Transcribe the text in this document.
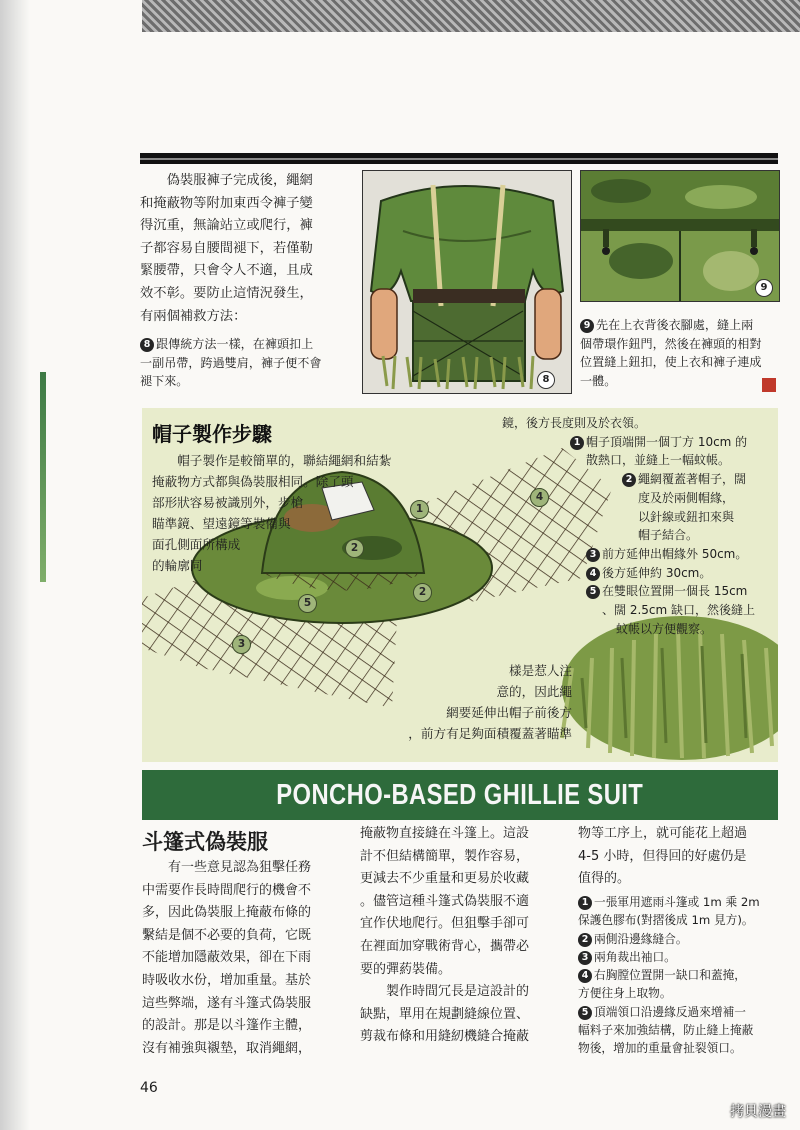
偽裝服褲子完成後，繩網

和掩蔽物等附加東西令褲子變

得沉重，無論站立或爬行，褲

子都容易自腰間褪下，若僅勒

緊腰帶，只會令人不適，且成

效不彰。要防止這情況發生，

有兩個補救方法：

8 跟傳統方法一樣，在褲頭扣上

一副吊帶，跨過雙肩，褲子便不會

褪下來。	8
9

9 先在上衣背後衣腳處，縫上兩

個帶環作鈕門，然後在褲頭的相對

位置縫上鈕扣，使上衣和褲子連成

一體。

帽子製作步驟

帽子製作是較簡單的，聯結繩網和結紮

掩蔽物方式都與偽裝服相同。除了頭

部形狀容易被識別外，步槍

瞄準鏡、望遠鏡等裝備與

面孔側面所構成

的輪廓同

樣是惹人注

意的，因此繩

網要延伸出帽子前後方

，前方有足夠面積覆蓋著瞄準

鏡，後方長度則及於衣領。

1 帽子頂端開一個丁方 10cm 的

散熱口，並縫上一幅蚊帳。

2 繩網覆蓋著帽子，闊

度及於兩側帽緣，

以針線或鈕扣來與

帽子結合。

3 前方延伸出帽緣外 50cm。

4 後方延伸約 30cm。

5 在雙眼位置開一個長 15cm

、闊 2.5cm 缺口，然後縫上

蚊帳以方便觀察。

1
2
2
3
4
5
PONCHO-BASED GHILLIE SUIT
斗篷式偽裝服

有一些意見認為狙擊任務

中需要作長時間爬行的機會不

多，因此偽裝服上掩蔽布條的

繫結是個不必要的負荷，它既

不能增加隱蔽效果，卻在下雨

時吸收水份，增加重量。基於

這些弊端，遂有斗篷式偽裝服

的設計。那是以斗篷作主體，

沒有補強與襯墊，取消繩網，

掩蔽物直接縫在斗篷上。這設

計不但結構簡單，製作容易，

更減去不少重量和更易於收藏

。儘管這種斗篷式偽裝服不適

宜作伏地爬行。但狙擊手卻可

在裡面加穿戰術背心，攜帶必

要的彈葯裝備。

製作時間冗長是這設計的

缺點，單用在規劃縫線位置、

剪裁布條和用縫紉機縫合掩蔽

物等工序上，就可能花上超過

4-5 小時，但得回的好處仍是

值得的。

1 一張軍用遮雨斗篷或 1m 乘 2m

保護色膠布(對摺後成 1m 見方)。

2 兩側沿邊緣縫合。

3 兩角裁出袖口。

4 右胸膛位置開一缺口和蓋掩，

方便往身上取物。

5 頂端領口沿邊緣反過來增補一

幅料子來加強結構，防止縫上掩蔽

物後，增加的重量會扯裂領口。

46
拷貝漫畫
